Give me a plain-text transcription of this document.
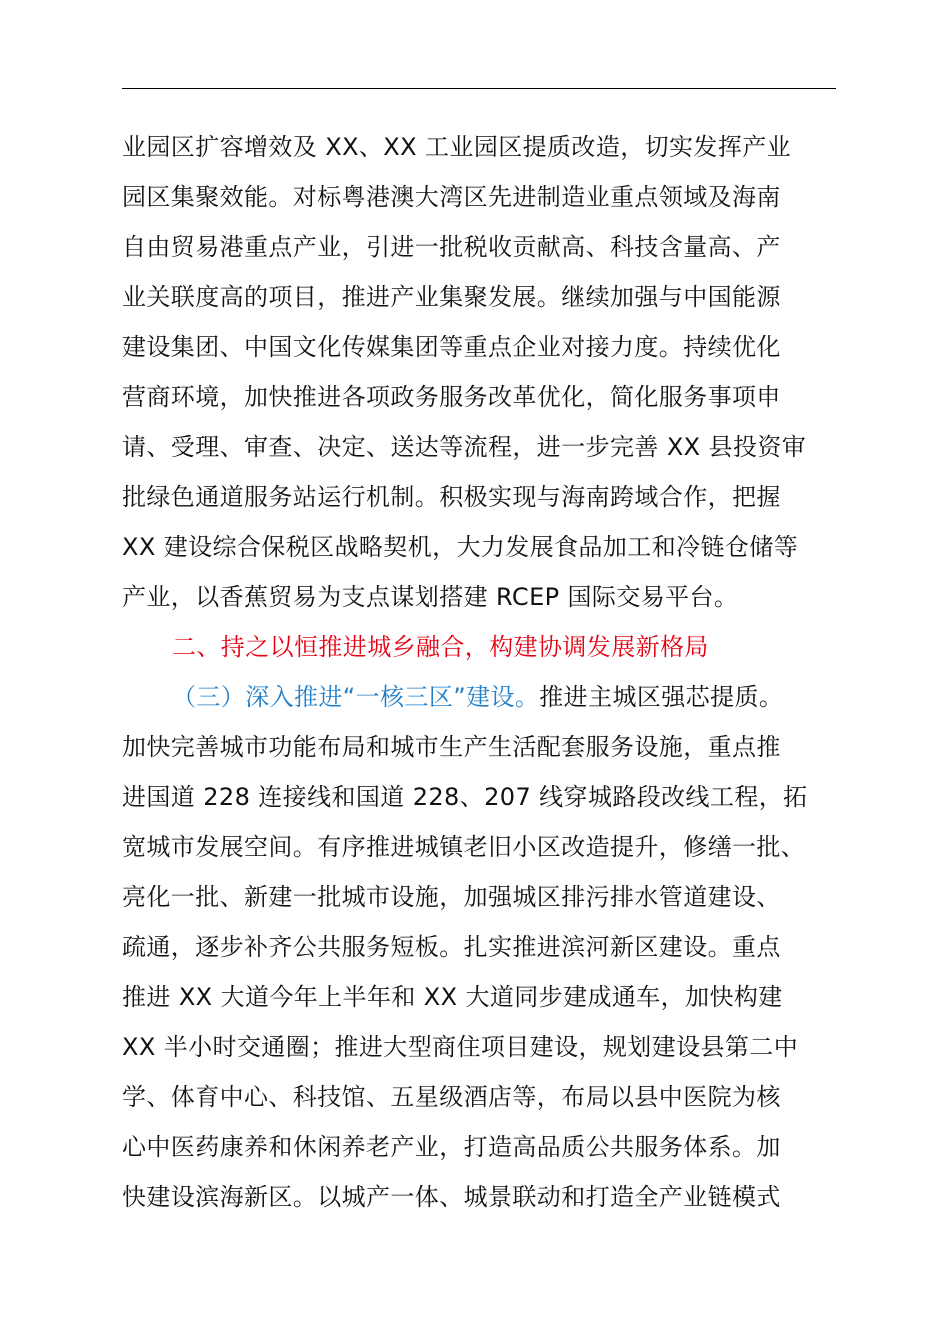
业园区扩容增效及 XX、XX 工业园区提质改造，切实发挥产业
园区集聚效能。对标粤港澳大湾区先进制造业重点领域及海南
自由贸易港重点产业，引进一批税收贡献高、科技含量高、产
业关联度高的项目，推进产业集聚发展。继续加强与中国能源
建设集团、中国文化传媒集团等重点企业对接力度。持续优化
营商环境，加快推进各项政务服务改革优化，简化服务事项申
请、受理、审查、决定、送达等流程，进一步完善 XX 县投资审
批绿色通道服务站运行机制。积极实现与海南跨域合作，把握
XX 建设综合保税区战略契机，大力发展食品加工和冷链仓储等
产业，以香蕉贸易为支点谋划搭建 RCEP 国际交易平台。
二、持之以恒推进城乡融合，构建协调发展新格局
（三）深入推进“一核三区”建设。推进主城区强芯提质。
加快完善城市功能布局和城市生产生活配套服务设施，重点推
进国道 228 连接线和国道 228、207 线穿城路段改线工程，拓
宽城市发展空间。有序推进城镇老旧小区改造提升，修缮一批、
亮化一批、新建一批城市设施，加强城区排污排水管道建设、
疏通，逐步补齐公共服务短板。扎实推进滨河新区建设。重点
推进 XX 大道今年上半年和 XX 大道同步建成通车，加快构建
XX 半小时交通圈；推进大型商住项目建设，规划建设县第二中
学、体育中心、科技馆、五星级酒店等，布局以县中医院为核
心中医药康养和休闲养老产业，打造高品质公共服务体系。加
快建设滨海新区。以城产一体、城景联动和打造全产业链模式
